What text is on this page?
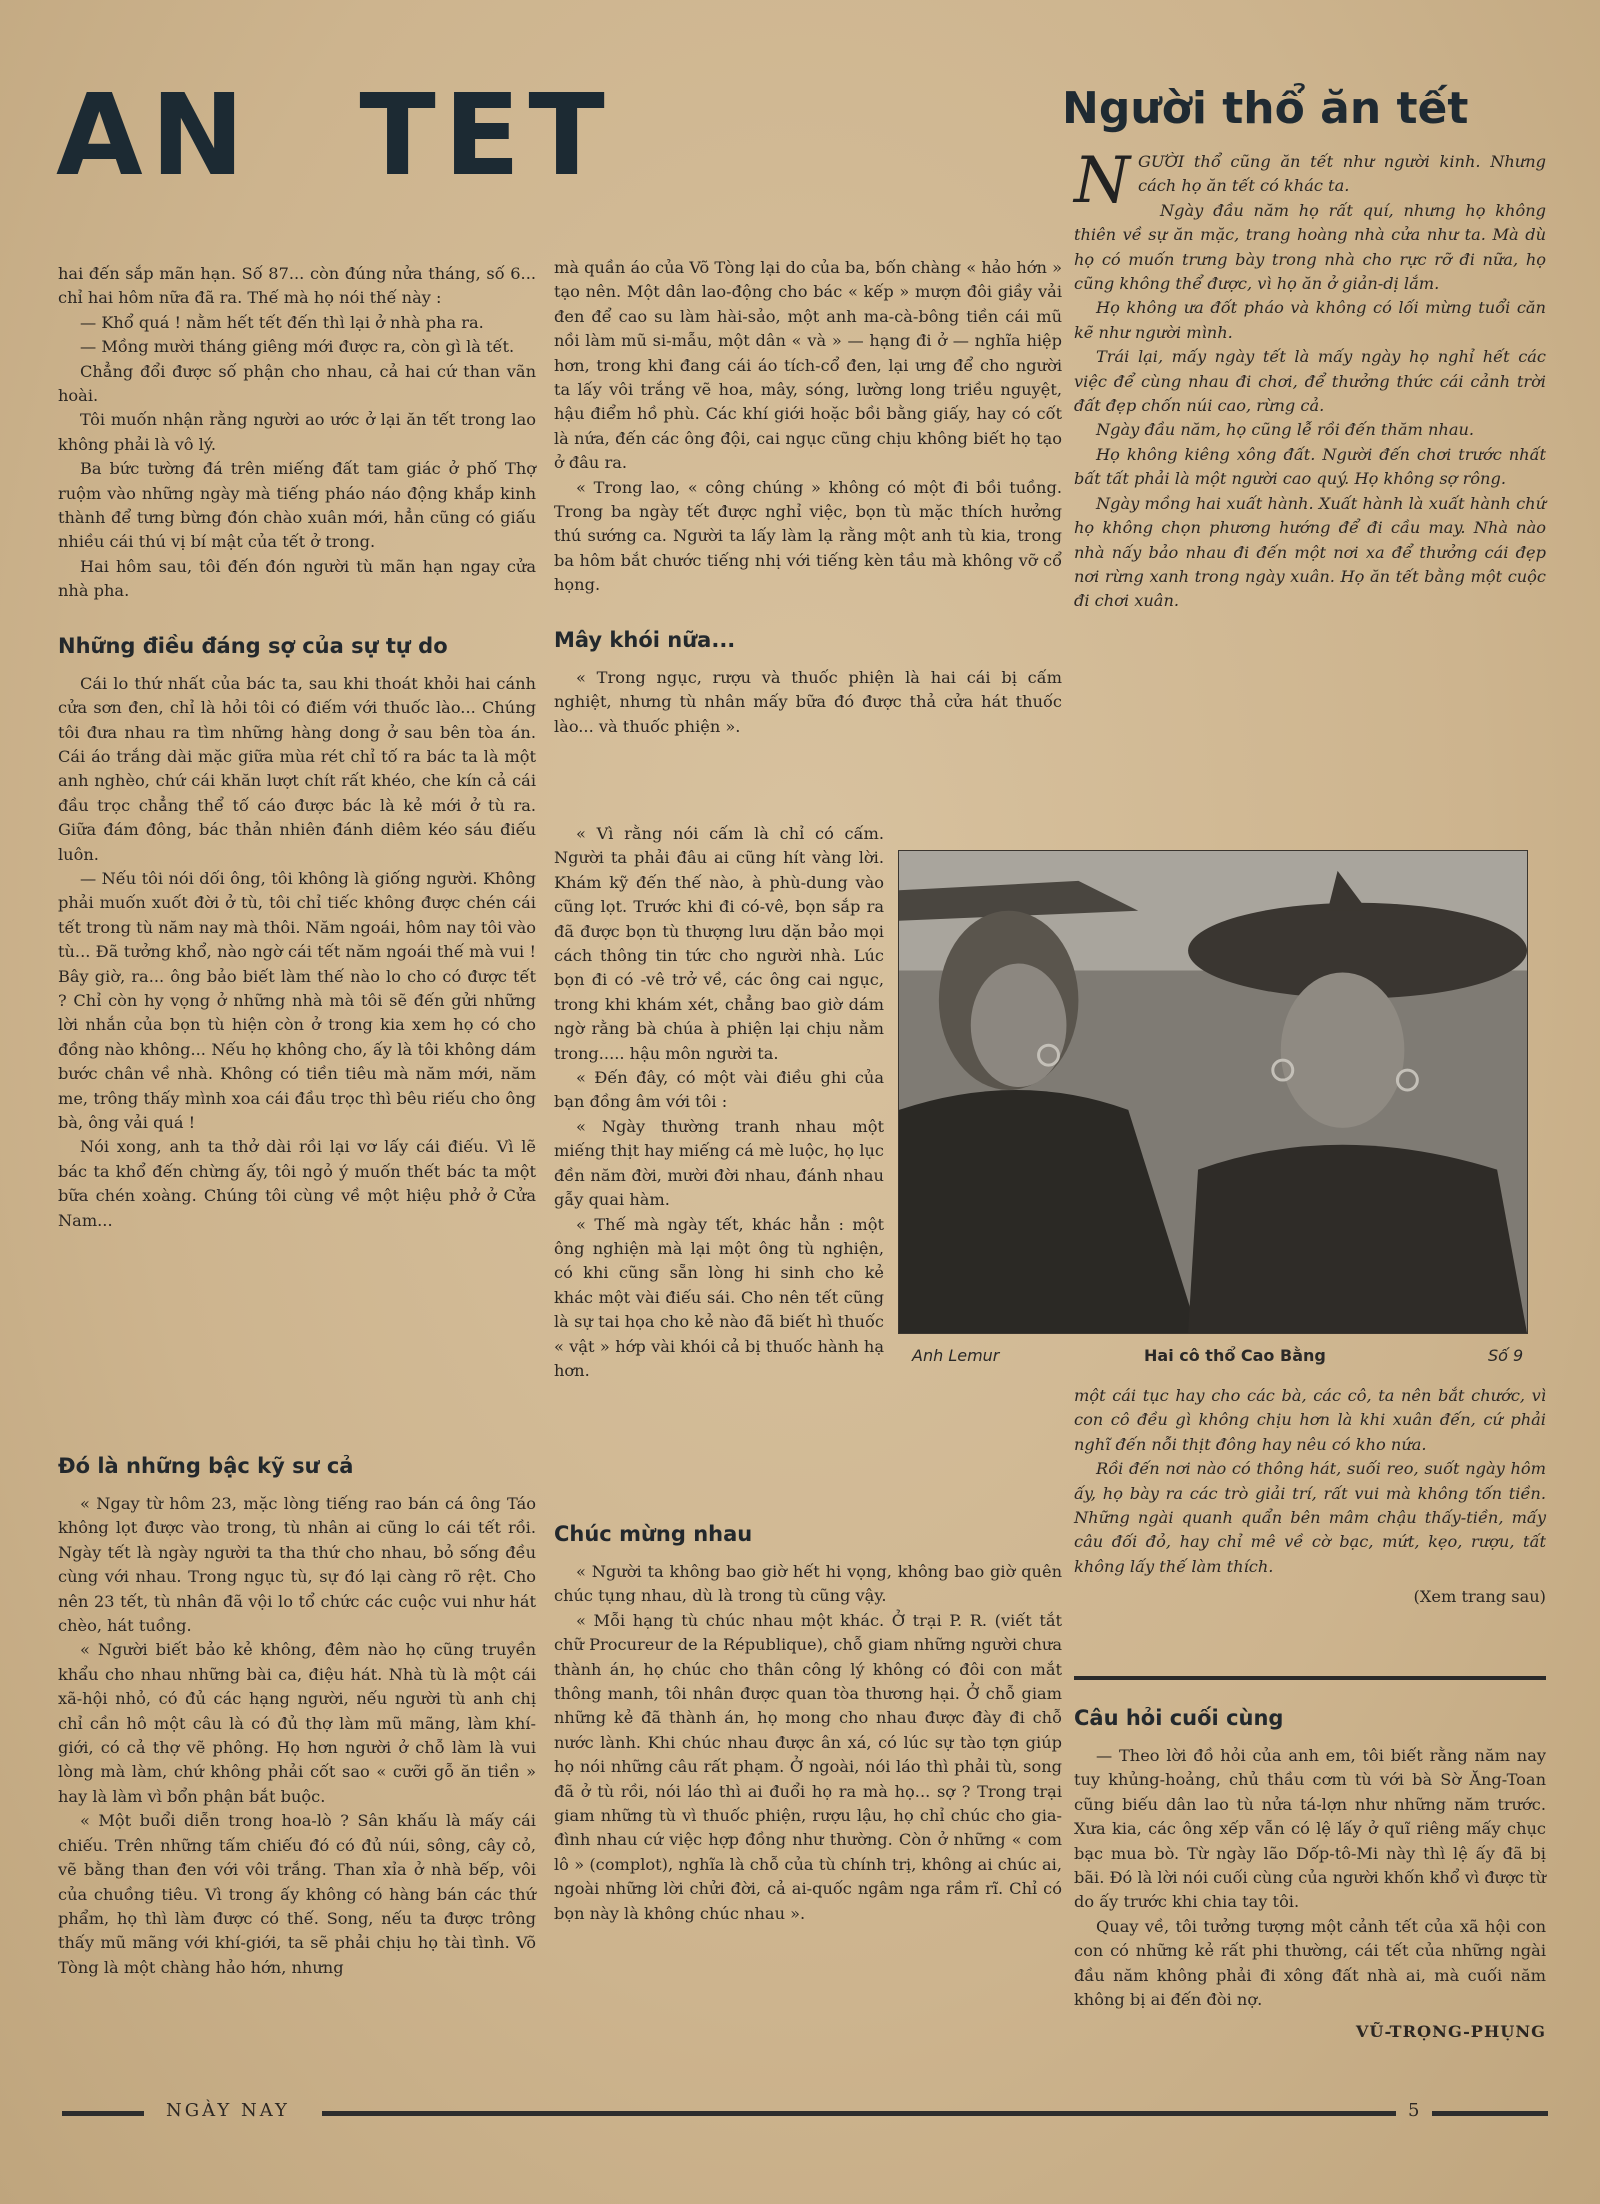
AN TET	Người thổ ăn tết

hai đến sắp mãn hạn. Số 87... còn đúng nửa tháng, số 6... chỉ hai hôm nữa đã ra. Thế mà họ nói thế này :

— Khổ quá ! nằm hết tết đến thì lại ở nhà pha ra.

— Mồng mười tháng giêng mới được ra, còn gì là tết.

Chẳng đổi được số phận cho nhau, cả hai cứ than vãn hoài.

Tôi muốn nhận rằng người ao ước ở lại ăn tết trong lao không phải là vô lý.

Ba bức tường đá trên miếng đất tam giác ở phố Thợ ruộm vào những ngày mà tiếng pháo náo động khắp kinh thành để tưng bừng đón chào xuân mới, hẳn cũng có giấu nhiều cái thú vị bí mật của tết ở trong.

Hai hôm sau, tôi đến đón người tù mãn hạn ngay cửa nhà pha.

Những điều đáng sợ của sự tự do

Cái lo thứ nhất của bác ta, sau khi thoát khỏi hai cánh cửa sơn đen, chỉ là hỏi tôi có điếm với thuốc lào... Chúng tôi đưa nhau ra tìm những hàng dong ở sau bên tòa án. Cái áo trắng dài mặc giữa mùa rét chỉ tố ra bác ta là một anh nghèo, chứ cái khăn lượt chít rất khéo, che kín cả cái đầu trọc chẳng thể tố cáo được bác là kẻ mới ở tù ra. Giữa đám đông, bác thản nhiên đánh diêm kéo sáu điếu luôn.

— Nếu tôi nói dối ông, tôi không là giống người. Không phải muốn xuốt đời ở tù, tôi chỉ tiếc không được chén cái tết trong tù năm nay mà thôi. Năm ngoái, hôm nay tôi vào tù... Đã tưởng khổ, nào ngờ cái tết năm ngoái thế mà vui ! Bây giờ, ra... ông bảo biết làm thế nào lo cho có được tết ? Chỉ còn hy vọng ở những nhà mà tôi sẽ đến gửi những lời nhắn của bọn tù hiện còn ở trong kia xem họ có cho đồng nào không... Nếu họ không cho, ấy là tôi không dám bước chân về nhà. Không có tiền tiêu mà năm mới, năm me, trông thấy mình xoa cái đầu trọc thì bêu riếu cho ông bà, ông vải quá !

Nói xong, anh ta thở dài rồi lại vơ lấy cái điếu. Vì lẽ bác ta khổ đến chừng ấy, tôi ngỏ ý muốn thết bác ta một bữa chén xoàng. Chúng tôi cùng về một hiệu phở ở Cửa Nam...

Đó là những bậc kỹ sư cả

« Ngay từ hôm 23, mặc lòng tiếng rao bán cá ông Táo không lọt được vào trong, tù nhân ai cũng lo cái tết rồi. Ngày tết là ngày người ta tha thứ cho nhau, bỏ sống đều cùng với nhau. Trong ngục tù, sự đó lại càng rõ rệt. Cho nên 23 tết, tù nhân đã vội lo tổ chức các cuộc vui như hát chèo, hát tuồng.

« Người biết bảo kẻ không, đêm nào họ cũng truyền khẩu cho nhau những bài ca, điệu hát. Nhà tù là một cái xã-hội nhỏ, có đủ các hạng người, nếu người tù anh chị chỉ cần hô một câu là có đủ thợ làm mũ mãng, làm khí-giới, có cả thợ vẽ phông. Họ hơn người ở chỗ làm là vui lòng mà làm, chứ không phải cốt sao « cưỡi gỗ ăn tiền » hay là làm vì bổn phận bắt buộc.

« Một buổi diễn trong hoa-lò ? Sân khấu là mấy cái chiếu. Trên những tấm chiếu đó có đủ núi, sông, cây cỏ, vẽ bằng than đen với vôi trắng. Than xỉa ở nhà bếp, vôi của chuồng tiêu. Vì trong ấy không có hàng bán các thứ phẩm, họ thì làm được có thế. Song, nếu ta được trông thấy mũ mãng với khí-giới, ta sẽ phải chịu họ tài tình. Võ Tòng là một chàng hảo hớn, nhưng

mà quần áo của Võ Tòng lại do của ba, bốn chàng « hảo hớn » tạo nên. Một dân lao-động cho bác « kếp » mượn đôi giầy vải đen để cao su làm hài-sảo, một anh ma-cà-bông tiền cái mũ nồi làm mũ si-mẫu, một dân « và » — hạng đi ở — nghĩa hiệp hơn, trong khi đang cái áo tích-cổ đen, lại ưng để cho người ta lấy vôi trắng vẽ hoa, mây, sóng, lường long triều nguyệt, hậu điểm hồ phù. Các khí giới hoặc bồi bằng giấy, hay có cốt là nứa, đến các ông đội, cai ngục cũng chịu không biết họ tạo ở đâu ra.

« Trong lao, « công chúng » không có một đi bồi tuồng. Trong ba ngày tết được nghỉ việc, bọn tù mặc thích hưởng thú sướng ca. Người ta lấy làm lạ rằng một anh tù kia, trong ba hôm bắt chước tiếng nhị với tiếng kèn tầu mà không vỡ cổ họng.

Mây khói nữa...

« Trong ngục, rượu và thuốc phiện là hai cái bị cấm nghiệt, nhưng tù nhân mấy bữa đó được thả cửa hát thuốc lào... và thuốc phiện ».

« Vì rằng nói cấm là chỉ có cấm. Người ta phải đâu ai cũng hít vàng lời. Khám kỹ đến thế nào, à phù-dung vào cũng lọt. Trước khi đi có-vê, bọn sắp ra đã được bọn tù thượng lưu dặn bảo mọi cách thông tin tức cho người nhà. Lúc bọn đi có -vê trở về, các ông cai ngục, trong khi khám xét, chẳng bao giờ dám ngờ rằng bà chúa à phiện lại chịu nằm trong..... hậu môn người ta.

« Đến đây, có một vài điều ghi của bạn đồng âm với tôi :

« Ngày thường tranh nhau một miếng thịt hay miếng cá mè luộc, họ lục đền năm đời, mười đời nhau, đánh nhau gẫy quai hàm.

« Thế mà ngày tết, khác hẳn : một ông nghiện mà lại một ông tù nghiện, có khi cũng sẵn lòng hi sinh cho kẻ khác một vài điếu sái. Cho nên tết cũng là sự tai họa cho kẻ nào đã biết hì thuốc « vật » hớp vài khói cả bị thuốc hành hạ hơn.

Chúc mừng nhau

« Người ta không bao giờ hết hi vọng, không bao giờ quên chúc tụng nhau, dù là trong tù cũng vậy.

« Mỗi hạng tù chúc nhau một khác. Ở trại P. R. (viết tắt chữ Procureur de la République), chỗ giam những người chưa thành án, họ chúc cho thân công lý không có đôi con mắt thông manh, tôi nhân được quan tòa thương hại. Ở chỗ giam những kẻ đã thành án, họ mong cho nhau được đày đi chỗ nước lành. Khi chúc nhau được ân xá, có lúc sự tào tợn giúp họ nói những câu rất phạm. Ở ngoài, nói láo thì phải tù, song đã ở tù rồi, nói láo thì ai đuổi họ ra mà họ... sợ ? Trong trại giam những tù vì thuốc phiện, rượu lậu, họ chỉ chúc cho gia-đình nhau cứ việc hợp đồng như thường. Còn ở những « com lô » (complot), nghĩa là chỗ của tù chính trị, không ai chúc ai, ngoài những lời chửi đời, cả ai-quốc ngâm nga rầm rĩ. Chỉ có bọn này là không chúc nhau ».

N GƯỜI thổ cũng ăn tết như người kinh. Nhưng cách họ ăn tết có khác ta.

Ngày đầu năm họ rất quí, nhưng họ không thiên về sự ăn mặc, trang hoàng nhà cửa như ta. Mà dù họ có muốn trưng bày trong nhà cho rực rỡ đi nữa, họ cũng không thể được, vì họ ăn ở giản-dị lắm.

Họ không ưa đốt pháo và không có lối mừng tuổi căn kẽ như người mình.

Trái lại, mấy ngày tết là mấy ngày họ nghỉ hết các việc để cùng nhau đi chơi, để thưởng thức cái cảnh trời đất đẹp chốn núi cao, rừng cả.

Ngày đầu năm, họ cũng lễ rồi đến thăm nhau.

Họ không kiêng xông đất. Người đến chơi trước nhất bất tất phải là một người cao quý. Họ không sợ rông.

Ngày mồng hai xuất hành. Xuất hành là xuất hành chứ họ không chọn phương hướng để đi cầu may. Nhà nào nhà nấy bảo nhau đi đến một nơi xa để thưởng cái đẹp nơi rừng xanh trong ngày xuân. Họ ăn tết bằng một cuộc đi chơi xuân.

Anh Lemur	Hai cô thổ Cao Bằng	Số 9

một cái tục hay cho các bà, các cô, ta nên bắt chước, vì con cô đều gì không chịu hơn là khi xuân đến, cứ phải nghĩ đến nỗi thịt đông hay nêu có kho nứa.

Rồi đến nơi nào có thông hát, suối reo, suốt ngày hôm ấy, họ bày ra các trò giải trí, rất vui mà không tốn tiền. Những ngài quanh quẩn bên mâm chậu thấy-tiền, mấy câu đối đỏ, hay chỉ mê về cờ bạc, mứt, kẹo, rượu, tất không lấy thế làm thích.

(Xem trang sau)

Câu hỏi cuối cùng

— Theo lời đồ hỏi của anh em, tôi biết rằng năm nay tuy khủng-hoảng, chủ thầu cơm tù với bà Sờ Ăng-Toan cũng biếu dân lao tù nửa tá-lợn như những năm trước. Xưa kia, các ông xếp vẫn có lệ lấy ở quĩ riêng mấy chục bạc mua bò. Từ ngày lão Dốp-tô-Mi này thì lệ ấy đã bị bãi. Đó là lời nói cuối cùng của người khốn khổ vì được từ do ấy trước khi chia tay tôi.

Quay về, tôi tưởng tượng một cảnh tết của xã hội con con có những kẻ rất phi thường, cái tết của những ngài đầu năm không phải đi xông đất nhà ai, mà cuối năm không bị ai đến đòi nợ.

VŨ-TRỌNG-PHỤNG

NGÀY NAY	5
